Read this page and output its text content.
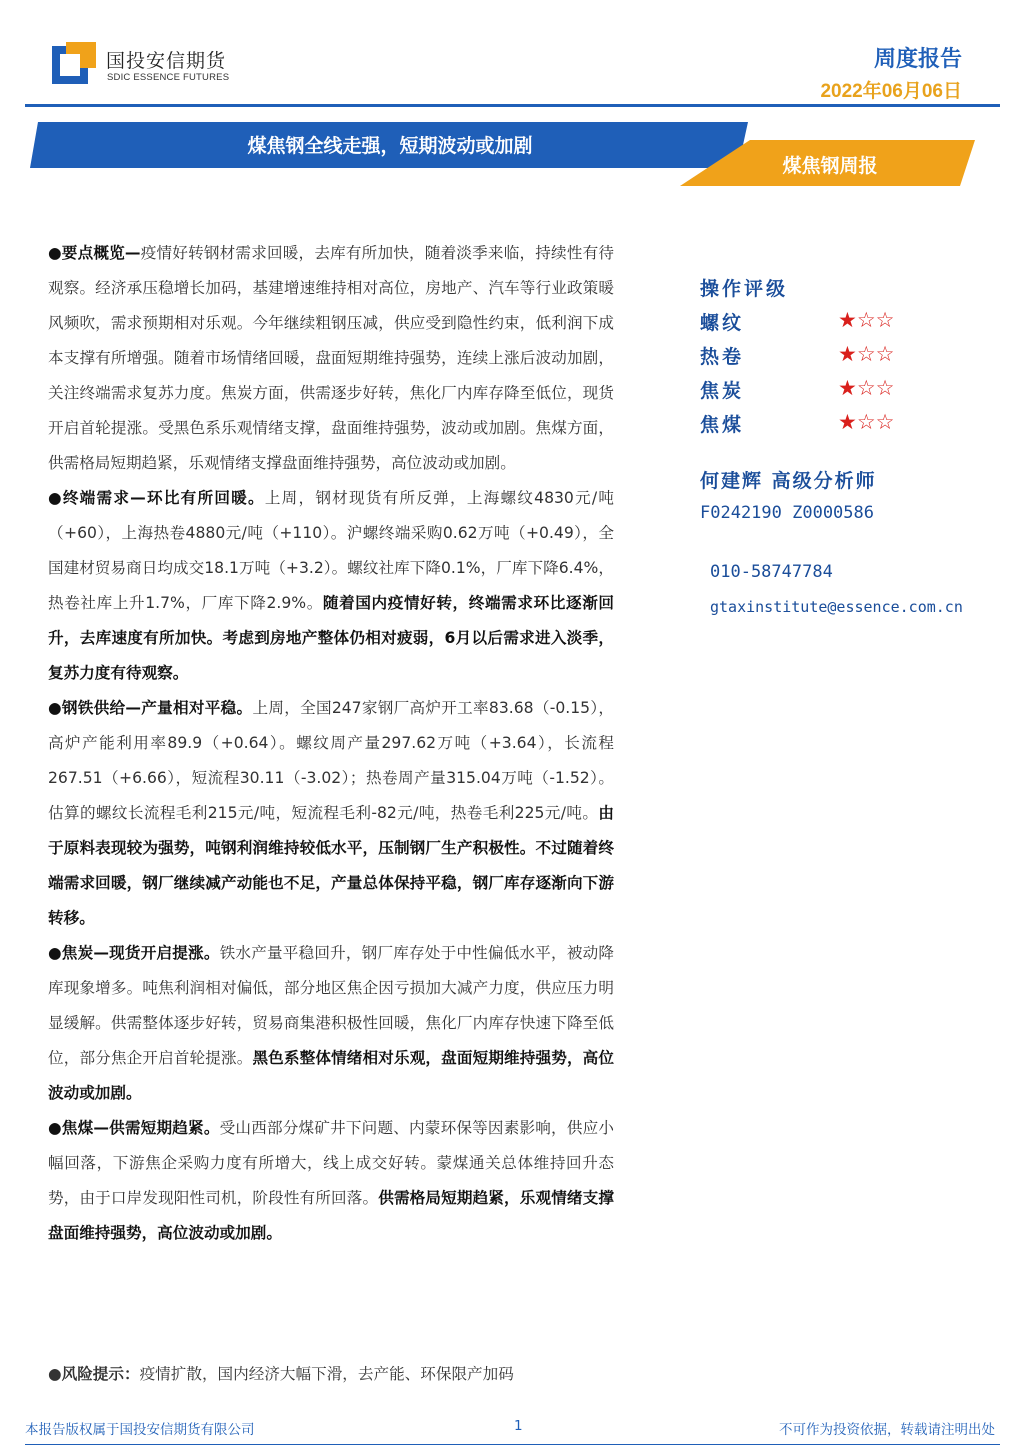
国投安信期货
SDIC ESSENCE FUTURES
周度报告
2022年06月06日
煤焦钢全线走强，短期波动或加剧
煤焦钢周报

●要点概览—疫情好转钢材需求回暖，去库有所加快，随着淡季来临，持续性有待观察。经济承压稳增长加码，基建增速维持相对高位，房地产、汽车等行业政策暖风频吹，需求预期相对乐观。今年继续粗钢压减，供应受到隐性约束，低利润下成本支撑有所增强。随着市场情绪回暖，盘面短期维持强势，连续上涨后波动加剧，关注终端需求复苏力度。焦炭方面，供需逐步好转，焦化厂内库存降至低位，现货开启首轮提涨。受黑色系乐观情绪支撑，盘面维持强势，波动或加剧。焦煤方面，供需格局短期趋紧，乐观情绪支撑盘面维持强势，高位波动或加剧。

●终端需求—环比有所回暖。上周，钢材现货有所反弹，上海螺纹4830元/吨（+60），上海热卷4880元/吨（+110）。沪螺终端采购0.62万吨（+0.49），全国建材贸易商日均成交18.1万吨（+3.2）。螺纹社库下降0.1%，厂库下降6.4%，热卷社库上升1.7%，厂库下降2.9%。随着国内疫情好转，终端需求环比逐渐回升，去库速度有所加快。考虑到房地产整体仍相对疲弱，6月以后需求进入淡季，复苏力度有待观察。

●钢铁供给—产量相对平稳。上周，全国247家钢厂高炉开工率83.68（-0.15），高炉产能利用率89.9（+0.64）。螺纹周产量297.62万吨（+3.64），长流程267.51（+6.66），短流程30.11（-3.02）；热卷周产量315.04万吨（-1.52）。估算的螺纹长流程毛利215元/吨，短流程毛利-82元/吨，热卷毛利225元/吨。由于原料表现较为强势，吨钢利润维持较低水平，压制钢厂生产积极性。不过随着终端需求回暖，钢厂继续减产动能也不足，产量总体保持平稳，钢厂库存逐渐向下游转移。

●焦炭—现货开启提涨。铁水产量平稳回升，钢厂库存处于中性偏低水平，被动降库现象增多。吨焦利润相对偏低，部分地区焦企因亏损加大减产力度，供应压力明显缓解。供需整体逐步好转，贸易商集港积极性回暖，焦化厂内库存快速下降至低位，部分焦企开启首轮提涨。黑色系整体情绪相对乐观，盘面短期维持强势，高位波动或加剧。

●焦煤—供需短期趋紧。受山西部分煤矿井下问题、内蒙环保等因素影响，供应小幅回落，下游焦企采购力度有所增大，线上成交好转。蒙煤通关总体维持回升态势，由于口岸发现阳性司机，阶段性有所回落。供需格局短期趋紧，乐观情绪支撑盘面维持强势，高位波动或加剧。

●风险提示：疫情扩散，国内经济大幅下滑，去产能、环保限产加码
操作评级
螺纹	★☆☆
热卷	★☆☆
焦炭	★☆☆
焦煤	★☆☆
何建辉 高级分析师
F0242190 Z0000586
010-58747784
gtaxinstitute@essence.com.cn
本报告版权属于国投安信期货有限公司	1	不可作为投资依据，转载请注明出处
